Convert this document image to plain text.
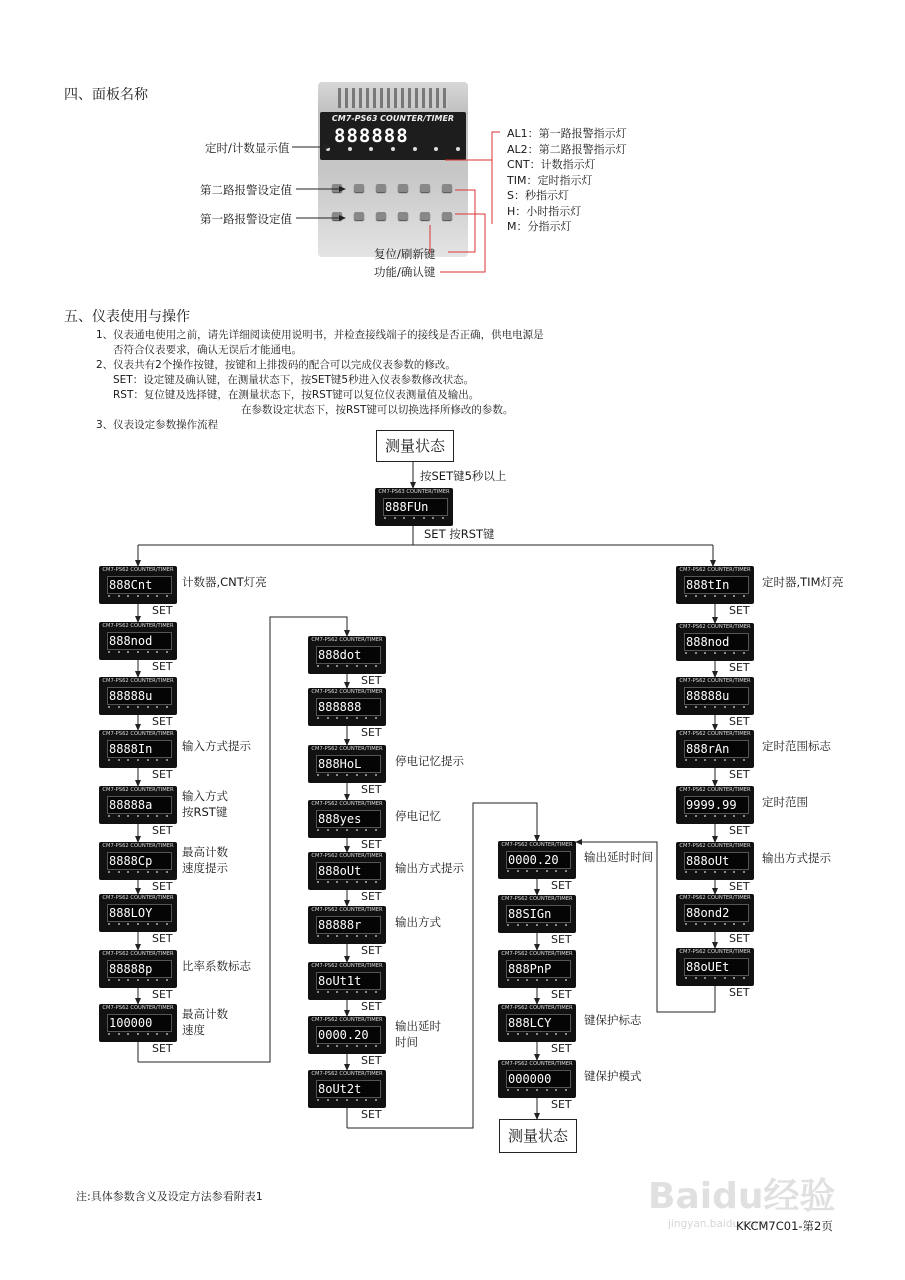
四、面板名称
CM7-PS63 COUNTER/TIMER
888888
定时/计数显示值
第二路报警设定值
第一路报警设定值
复位/刷新键
功能/确认键
AL1：第一路报警指示灯
AL2：第二路报警指示灯
CNT：计数指示灯
TIM：定时指示灯
S：秒指示灯
H：小时指示灯
M：分指示灯
五、仪表使用与操作
1、仪表通电使用之前，请先详细阅读使用说明书，并检查接线端子的接线是否正确，供电电源是
否符合仪表要求，确认无误后才能通电。
2、仪表共有2个操作按键，按键和上排拨码的配合可以完成仪表参数的修改。
SET：设定键及确认键，在测量状态下，按SET键5秒进入仪表参数修改状态。
RST：复位键及选择键，在测量状态下，按RST键可以复位仪表测量值及输出。
在参数设定状态下，按RST键可以切换选择所修改的参数。
3、仪表设定参数操作流程
测量状态
按SET键5秒以上
CM7-PS63 COUNTER/TIMER
888FUn
SET 按RST键
测量状态
CM7-PS62 COUNTER/TIMER
888Cnt	计数器,CNT灯亮
SET
CM7-PS62 COUNTER/TIMER
888nod
SET
CM7-PS62 COUNTER/TIMER
88888u
SET
CM7-PS62 COUNTER/TIMER
8888In	输入方式提示
SET
CM7-PS62 COUNTER/TIMER
88888a
输入方式
按RST键
SET
CM7-PS62 COUNTER/TIMER
8888Cp
最高计数
速度提示
SET
CM7-PS62 COUNTER/TIMER
888LOY
SET
CM7-PS62 COUNTER/TIMER
88888p	比率系数标志
SET
CM7-PS62 COUNTER/TIMER
100000
最高计数
速度
SET
CM7-PS62 COUNTER/TIMER
888dot
SET
CM7-PS62 COUNTER/TIMER
888888
SET
CM7-PS62 COUNTER/TIMER
888HoL	停电记忆提示
SET
CM7-PS62 COUNTER/TIMER
888yes	停电记忆
SET
CM7-PS62 COUNTER/TIMER
888oUt	输出方式提示
SET
CM7-PS62 COUNTER/TIMER
88888r	输出方式
SET
CM7-PS62 COUNTER/TIMER
8oUt1t
SET
CM7-PS62 COUNTER/TIMER
0000.20
输出延时
时间
SET
CM7-PS62 COUNTER/TIMER
8oUt2t
SET
CM7-PS62 COUNTER/TIMER
0000.20	输出延时时间
SET
CM7-PS62 COUNTER/TIMER
88SIGn
SET
CM7-PS62 COUNTER/TIMER
888PnP
SET
CM7-PS62 COUNTER/TIMER
888LCY	键保护标志
SET
CM7-PS62 COUNTER/TIMER
000000	键保护模式
SET
CM7-PS62 COUNTER/TIMER
888tIn	定时器,TIM灯亮
SET
CM7-PS62 COUNTER/TIMER
888nod
SET
CM7-PS62 COUNTER/TIMER
88888u
SET
CM7-PS62 COUNTER/TIMER
888rAn	定时范围标志
SET
CM7-PS62 COUNTER/TIMER
9999.99	定时范围
SET
CM7-PS62 COUNTER/TIMER
888oUt	输出方式提示
SET
CM7-PS62 COUNTER/TIMER
88ond2
SET
CM7-PS62 COUNTER/TIMER
88oUEt
SET
注:具体参数含义及设定方法参看附表1	Baidu经验
jingyan.baidu.com
KKCM7C01-第2页
